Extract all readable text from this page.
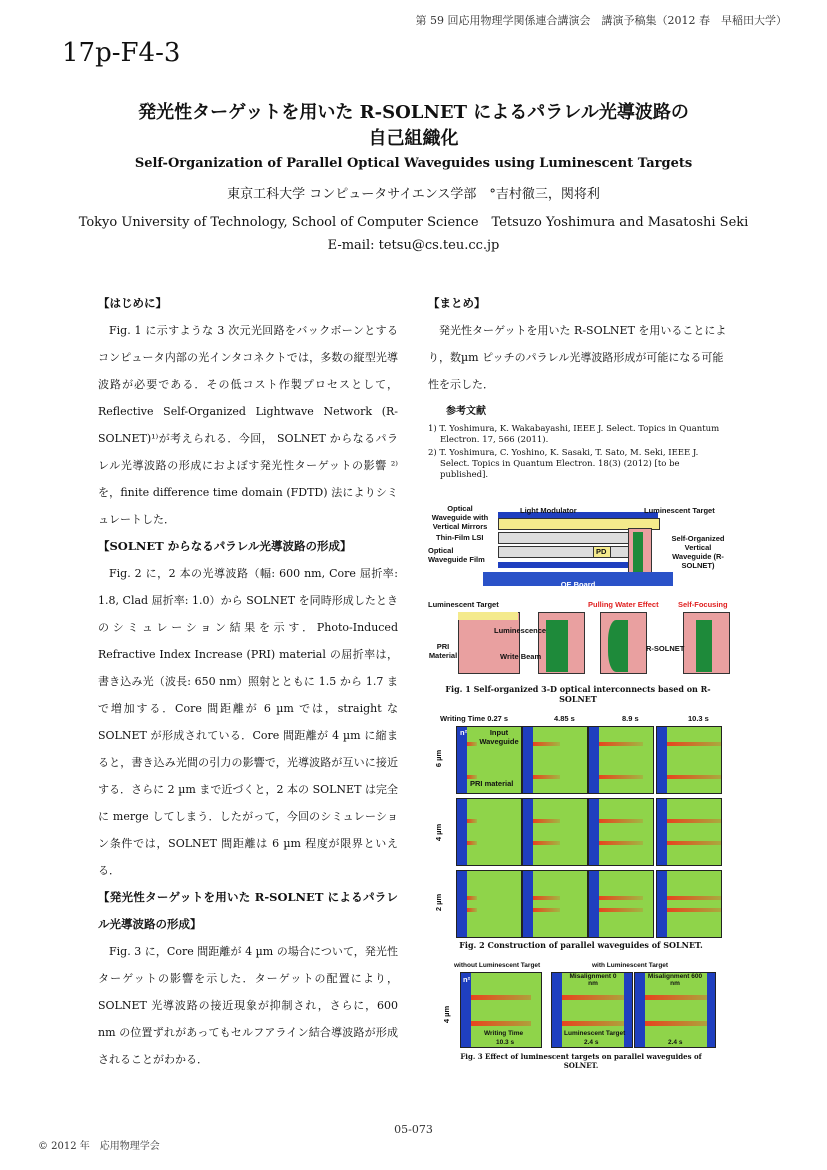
第 59 回応用物理学関係連合講演会　講演予稿集（2012 春　早稲田大学）
17p-F4-3
発光性ターゲットを用いた R-SOLNET によるパラレル光導波路の
自己組織化
Self-Organization of Parallel Optical Waveguides using Luminescent Targets
東京工科大学 コンピュータサイエンス学部　°吉村徹三，関将利
Tokyo University of Technology, School of Computer Science　Tetsuzo Yoshimura and Masatoshi Seki
E-mail: tetsu@cs.teu.cc.jp
【はじめに】

Fig. 1 に示すような 3 次元光回路をバックボーンとするコンピュータ内部の光インタコネクトでは，多数の縦型光導波路が必要である．その低コスト作製プロセスとして，Reflective Self-Organized Lightwave Network (R-SOLNET)¹⁾が考えられる．今回， SOLNET からなるパラレル光導波路の形成におよぼす発光性ターゲットの影響 ²⁾を，finite difference time domain (FDTD) 法によりシミュレートした．

【SOLNET からなるパラレル光導波路の形成】

Fig. 2 に，2 本の光導波路（幅: 600 nm, Core 屈折率: 1.8, Clad 屈折率: 1.0）から SOLNET を同時形成したときのシミュレーション結果を示す．Photo-Induced Refractive Index Increase (PRI) material の屈折率は，書き込み光（波長: 650 nm）照射とともに 1.5 から 1.7 まで増加する．Core 間距離が 6 µm では，straight な SOLNET が形成されている．Core 間距離が 4 µm に縮まると，書き込み光間の引力の影響で，光導波路が互いに接近する．さらに 2 µm まで近づくと，2 本の SOLNET は完全に merge してしまう．したがって，今回のシミュレーション条件では，SOLNET 間距離は 6 µm 程度が限界といえる．

【発光性ターゲットを用いた R-SOLNET によるパラレル光導波路の形成】

Fig. 3 に，Core 間距離が 4 µm の場合について，発光性ターゲットの影響を示した．ターゲットの配置により，SOLNET 光導波路の接近現象が抑制され，さらに，600 nm の位置ずれがあってもセルフアライン結合導波路が形成されることがわかる．

【まとめ】

発光性ターゲットを用いた R-SOLNET を用いることにより，数µm ピッチのパラレル光導波路形成が可能になる可能性を示した．

参考文献
1) T. Yoshimura, K. Wakabayashi, IEEE J. Select. Topics in Quantum Electron. 17, 566 (2011).
2) T. Yoshimura, C. Yoshino, K. Sasaki, T. Sato, M. Seki, IEEE J. Select. Topics in Quantum Electron. 18(3) (2012) [to be published].
PD
OE Board
Optical Waveguide with Vertical Mirrors
Light Modulator	Luminescent Target
Thin-Film LSI
Optical Waveguide Film
Self-Organized Vertical Waveguide (R-SOLNET)
Luminescent Target	Pulling Water Effect	Self-Focusing
Luminescence
PRI Material	Write Beam
R-SOLNET
Fig. 1 Self-organized 3-D optical interconnects based on R-SOLNET
Writing Time 0.27 s	4.85 s	8.9 s	10.3 s
6 µm
4 µm
2 µm
n²	Input Waveguide
PRI material
Fig. 2 Construction of parallel waveguides of SOLNET.
without Luminescent Target	with Luminescent Target
4 µm
n²	Misalignment 0 nm
Misalignment 600 nm
Writing Time
10.3 s
Luminescent Target
2.4 s	2.4 s
Fig. 3 Effect of luminescent targets on parallel waveguides of SOLNET.
05-073
© 2012 年　応用物理学会
